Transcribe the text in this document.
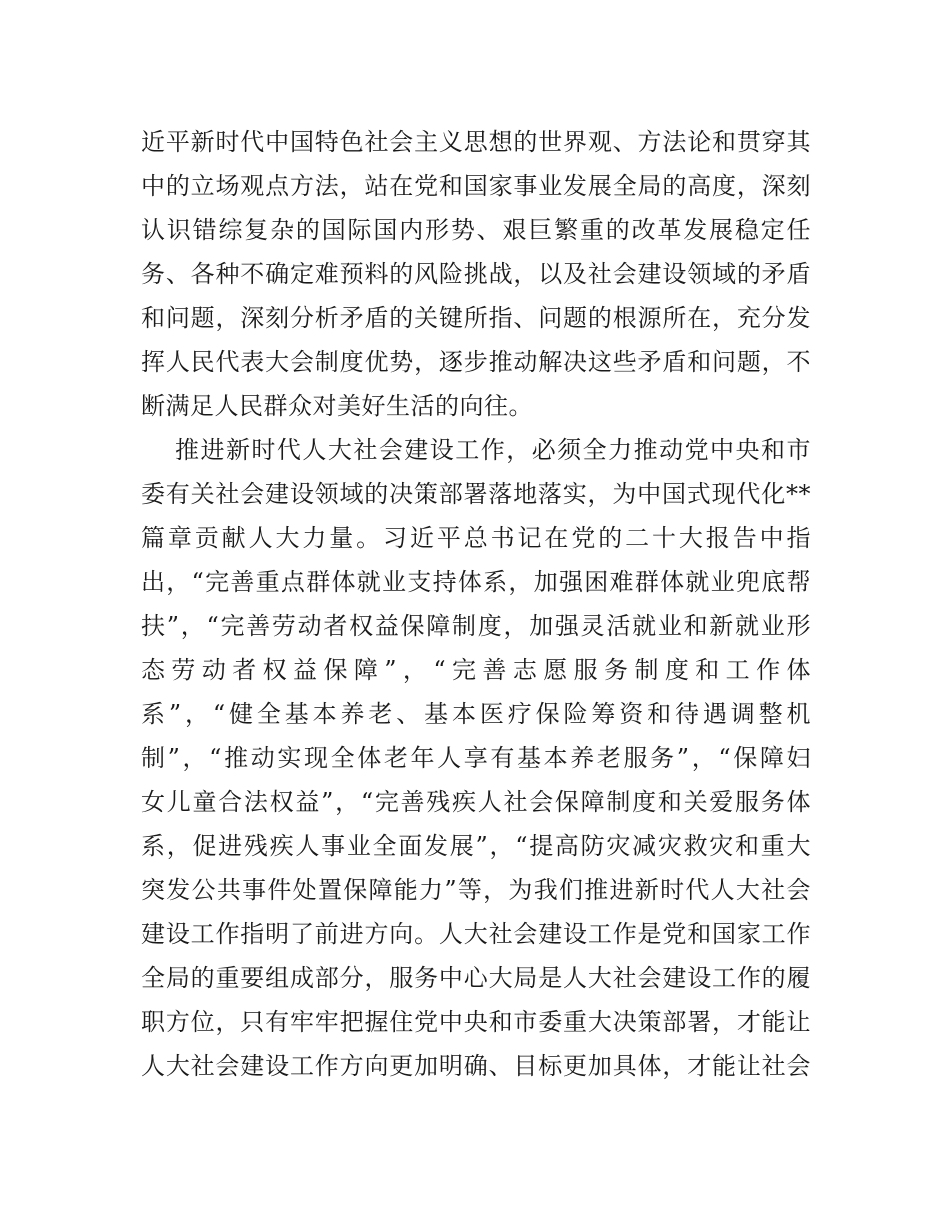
近平新时代中国特色社会主义思想的世界观、方法论和贯穿其
中的立场观点方法，站在党和国家事业发展全局的高度，深刻
认识错综复杂的国际国内形势、艰巨繁重的改革发展稳定任
务、各种不确定难预料的风险挑战，以及社会建设领域的矛盾
和问题，深刻分析矛盾的关键所指、问题的根源所在，充分发
挥人民代表大会制度优势，逐步推动解决这些矛盾和问题，不
断满足人民群众对美好生活的向往。
推进新时代人大社会建设工作，必须全力推动党中央和市
委有关社会建设领域的决策部署落地落实，为中国式现代化**
篇章贡献人大力量。习近平总书记在党的二十大报告中指
出，“完善重点群体就业支持体系，加强困难群体就业兜底帮
扶”，“完善劳动者权益保障制度，加强灵活就业和新就业形
态劳动者权益保障”，“完善志愿服务制度和工作体
系”，“健全基本养老、基本医疗保险筹资和待遇调整机
制”，“推动实现全体老年人享有基本养老服务”，“保障妇
女儿童合法权益”，“完善残疾人社会保障制度和关爱服务体
系，促进残疾人事业全面发展”，“提高防灾减灾救灾和重大
突发公共事件处置保障能力”等，为我们推进新时代人大社会
建设工作指明了前进方向。人大社会建设工作是党和国家工作
全局的重要组成部分，服务中心大局是人大社会建设工作的履
职方位，只有牢牢把握住党中央和市委重大决策部署，才能让
人大社会建设工作方向更加明确、目标更加具体，才能让社会
